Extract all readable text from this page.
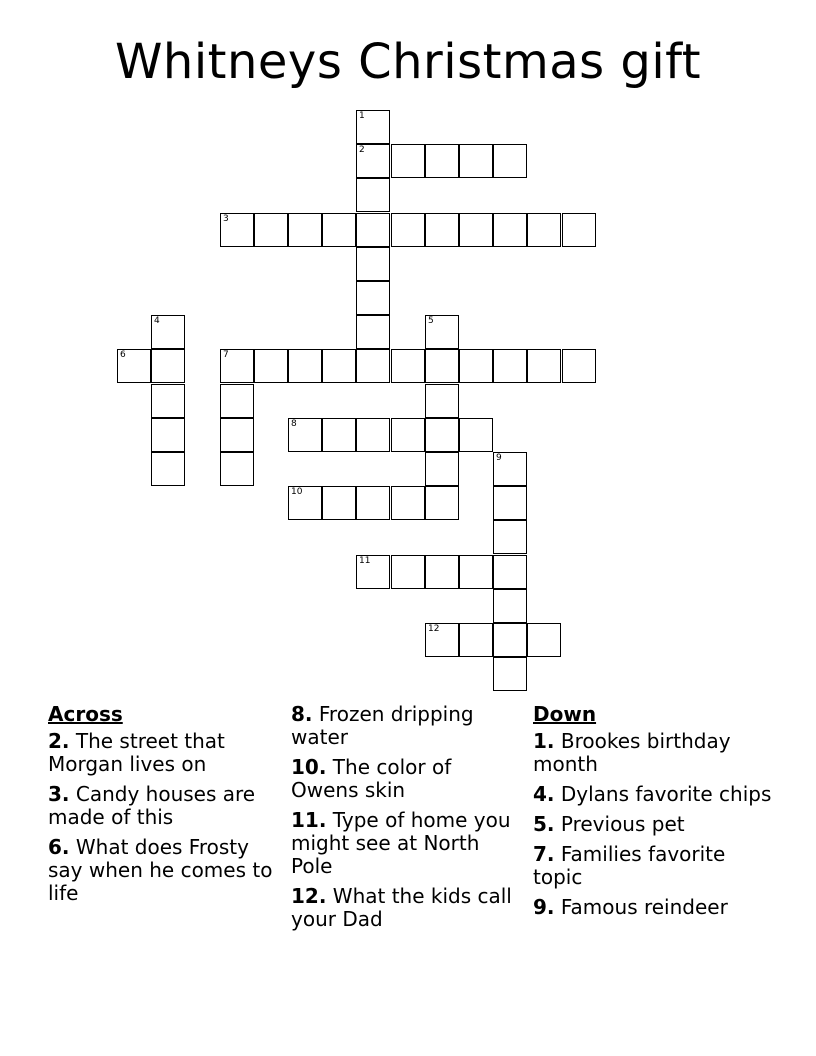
Whitneys Christmas gift
1
2
3
4	5
6	7
8
9
10
11
12
Across
2. The street that Morgan lives on
3. Candy houses are made of this
6. What does Frosty say when he comes to life
8. Frozen dripping water
10. The color of Owens skin
11. Type of home you might see at North Pole
12. What the kids call your Dad
Down
1. Brookes birthday month
4. Dylans favorite chips
5. Previous pet
7. Families favorite topic
9. Famous reindeer
